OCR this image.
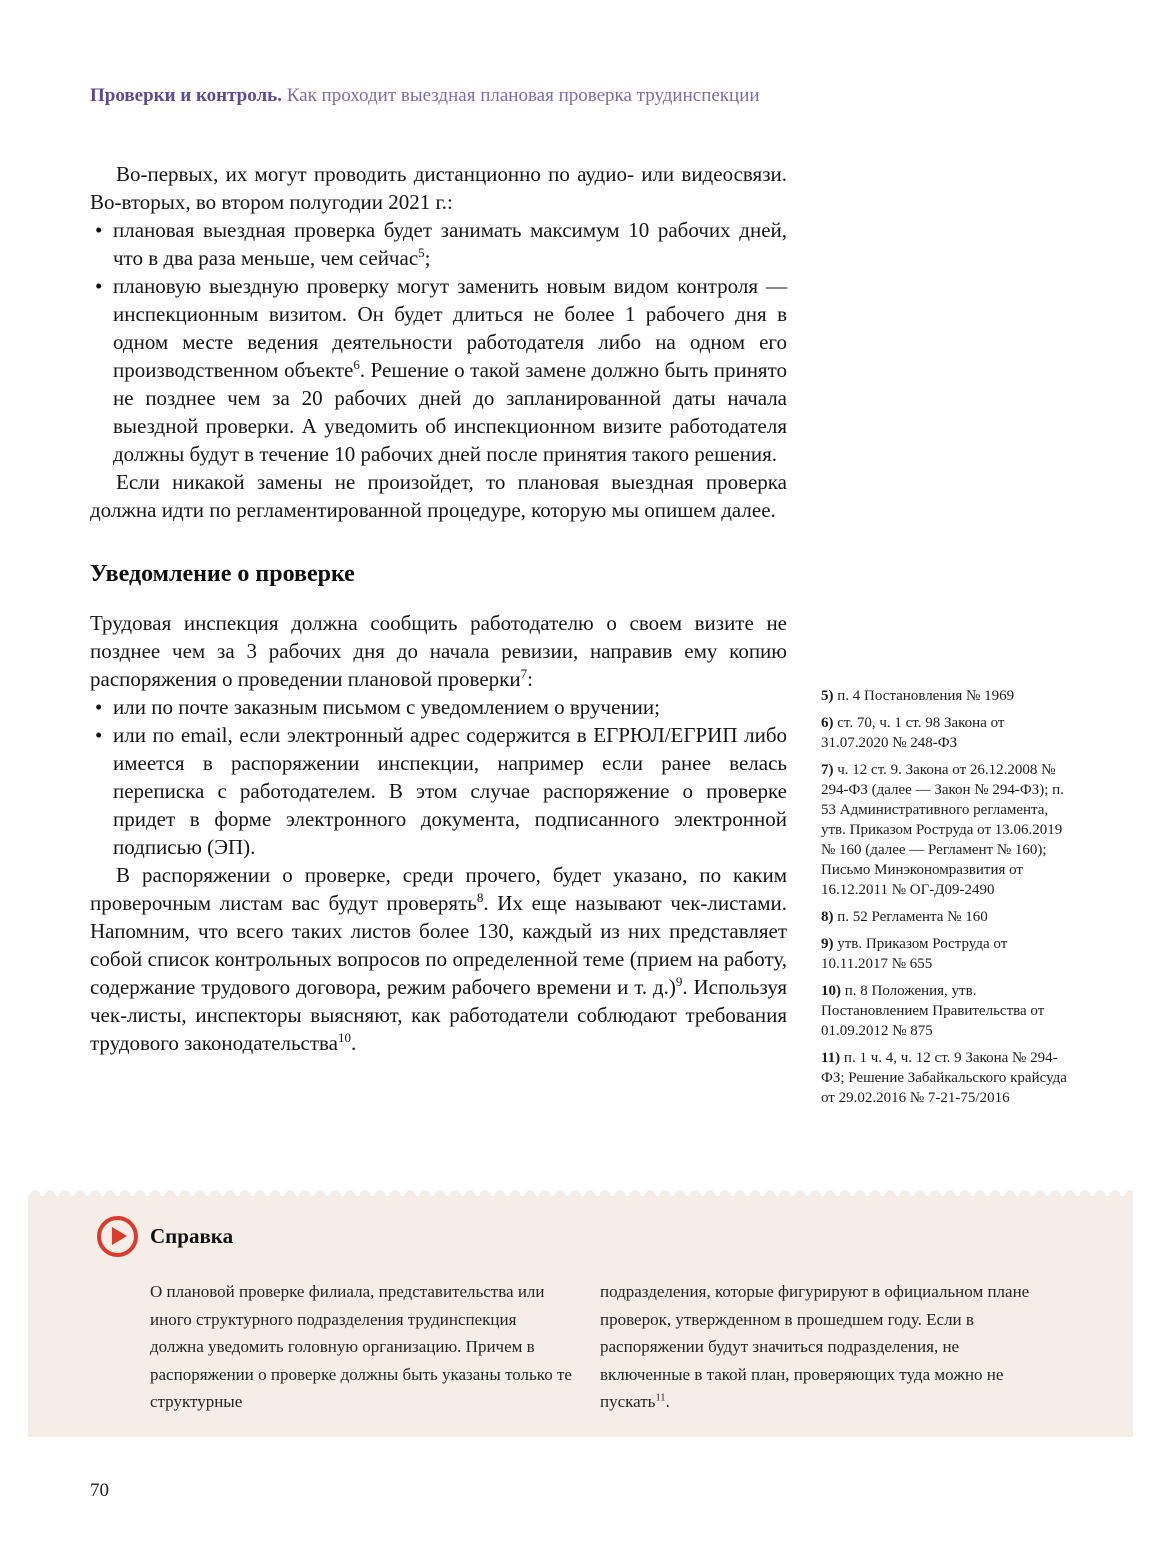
Проверки и контроль. Как проходит выездная плановая проверка трудинспекции

Во-первых, их могут проводить дистанционно по аудио- или видеосвязи. Во-вторых, во втором полугодии 2021 г.:

• плановая выездная проверка будет занимать максимум 10 рабочих дней, что в два раза меньше, чем сейчас$^5$;

• плановую выездную проверку могут заменить новым видом контроля — инспекционным визитом. Он будет длиться не более 1 рабочего дня в одном месте ведения деятельности работодателя либо на одном его производственном объекте$^6$. Решение о такой замене должно быть принято не позднее чем за 20 рабочих дней до запланированной даты начала выездной проверки. А уведомить об инспекционном визите работодателя должны будут в течение 10 рабочих дней после принятия такого решения.

Если никакой замены не произойдет, то плановая выездная проверка должна идти по регламентированной процедуре, которую мы опишем далее.

Уведомление о проверке

Трудовая инспекция должна сообщить работодателю о своем визите не позднее чем за 3 рабочих дня до начала ревизии, направив ему копию распоряжения о проведении плановой проверки$^7$:

• или по почте заказным письмом с уведомлением о вручении;

• или по email, если электронный адрес содержится в ЕГРЮЛ/ЕГРИП либо имеется в распоряжении инспекции, например если ранее велась переписка с работодателем. В этом случае распоряжение о проверке придет в форме электронного документа, подписанного электронной подписью (ЭП).

В распоряжении о проверке, среди прочего, будет указано, по каким проверочным листам вас будут проверять$^8$. Их еще называют чек-листами. Напомним, что всего таких листов более 130, каждый из них представляет собой список контрольных вопросов по определенной теме (прием на работу, содержание трудового договора, режим рабочего времени и т. д.)$^9$. Используя чек-листы, инспекторы выясняют, как работодатели соблюдают требования трудового законодательства$^{10}$.

5) п. 4 Постановления № 1969
6) ст. 70, ч. 1 ст. 98 Закона от 31.07.2020 № 248-ФЗ
7) ч. 12 ст. 9. Закона от 26.12.2008 № 294-ФЗ (далее — Закон № 294-ФЗ); п. 53 Административного регламента, утв. Приказом Роструда от 13.06.2019 № 160 (далее — Регламент № 160); Письмо Минэкономразвития от 16.12.2011 № ОГ-Д09-2490
8) п. 52 Регламента № 160
9) утв. Приказом Роструда от 10.11.2017 № 655
10) п. 8 Положения, утв. Постановлением Правительства от 01.09.2012 № 875
11) п. 1 ч. 4, ч. 12 ст. 9 Закона № 294-ФЗ; Решение Забайкальского крайсуда от 29.02.2016 № 7-21-75/2016
Справка
О плановой проверке филиала, представительства или иного структурного подразделения трудинспекция должна уведомить головную организацию. Причем в распоряжении о проверке должны быть указаны только те структурные
подразделения, которые фигурируют в официальном плане проверок, утвержденном в прошедшем году. Если в распоряжении будут значиться подразделения, не включенные в такой план, проверяющих туда можно не пускать$^{11}$.
70
